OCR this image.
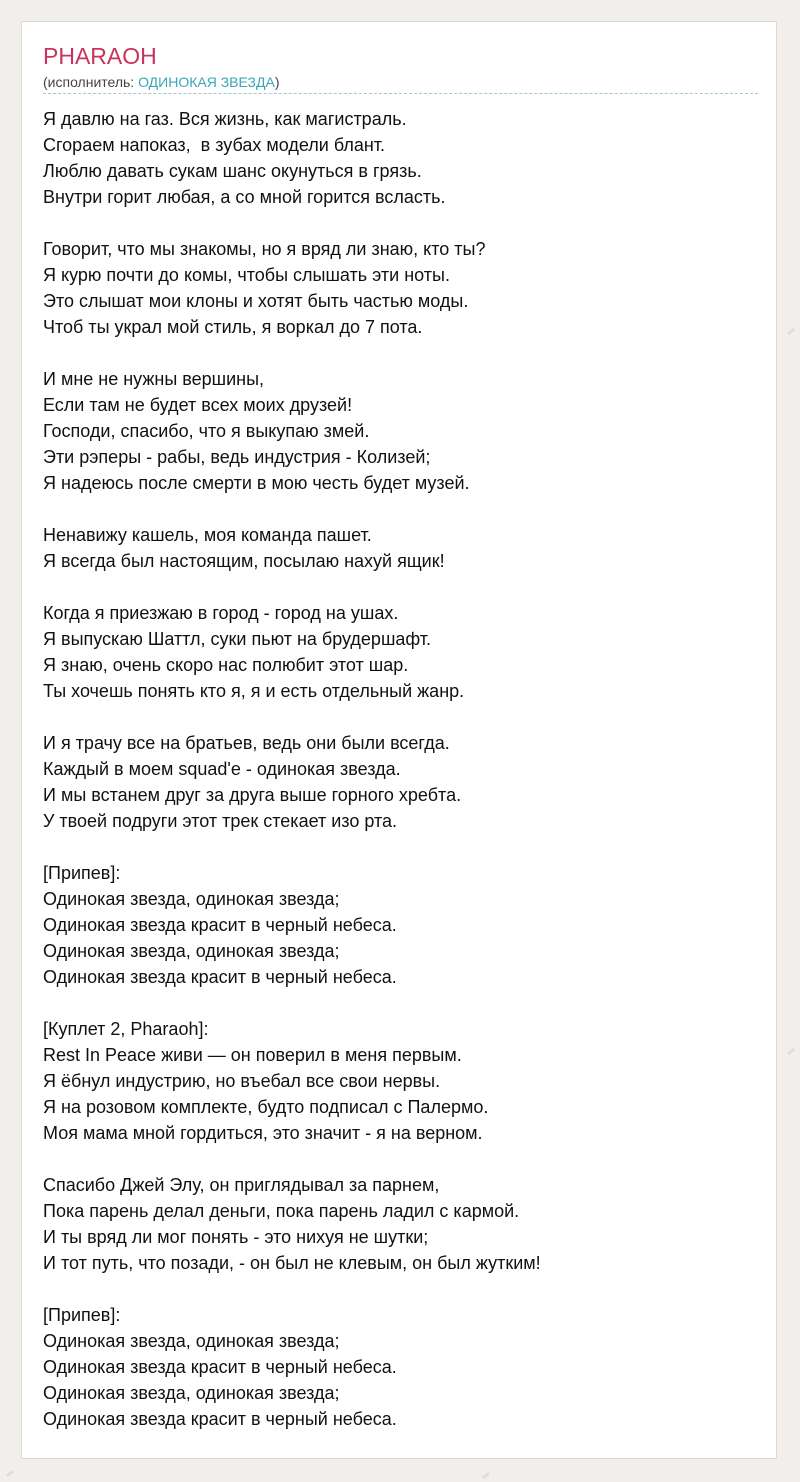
PHARAOH
(исполнитель: ОДИНОКАЯ ЗВЕЗДА)
Я давлю на газ. Вся жизнь, как магистраль.
Сгораем напоказ,  в зубах модели блант.
Люблю давать сукам шанс окунуться в грязь.
Внутри горит любая, а со мной горится всласть.
Говорит, что мы знакомы, но я вряд ли знаю, кто ты?
Я курю почти до комы, чтобы слышать эти ноты.
Это слышат мои клоны и хотят быть частью моды.
Чтоб ты украл мой стиль, я воркал до 7 пота.
И мне не нужны вершины,
Если там не будет всех моих друзей!
Господи, спасибо, что я выкупаю змей.
Эти рэперы - рабы, ведь индустрия - Колизей;
Я надеюсь после смерти в мою честь будет музей.
Ненавижу кашель, моя команда пашет.
Я всегда был настоящим, посылаю нахуй ящик!
Когда я приезжаю в город - город на ушах.
Я выпускаю Шаттл, суки пьют на брудершафт.
Я знаю, очень скоро нас полюбит этот шар.
Ты хочешь понять кто я, я и есть отдельный жанр.
И я трачу все на братьев, ведь они были всегда.
Каждый в моем squad'e - одинокая звезда.
И мы встанем друг за друга выше горного хребта.
У твоей подруги этот трек стекает изо рта.
[Припев]:
Одинокая звезда, одинокая звезда;
Одинокая звезда красит в черный небеса.
Одинокая звезда, одинокая звезда;
Одинокая звезда красит в черный небеса.
[Куплет 2, Pharaoh]:
Rest In Peace живи — он поверил в меня первым.
Я ёбнул индустрию, но въебал все свои нервы.
Я на розовом комплекте, будто подписал с Палермо.
Моя мама мной гордиться, это значит - я на верном.
Спасибо Джей Элу, он приглядывал за парнем,
Пока парень делал деньги, пока парень ладил с кармой.
И ты вряд ли мог понять - это нихуя не шутки;
И тот путь, что позади, - он был не клевым, он был жутким!
[Припев]:
Одинокая звезда, одинокая звезда;
Одинокая звезда красит в черный небеса.
Одинокая звезда, одинокая звезда;
Одинокая звезда красит в черный небеса.
